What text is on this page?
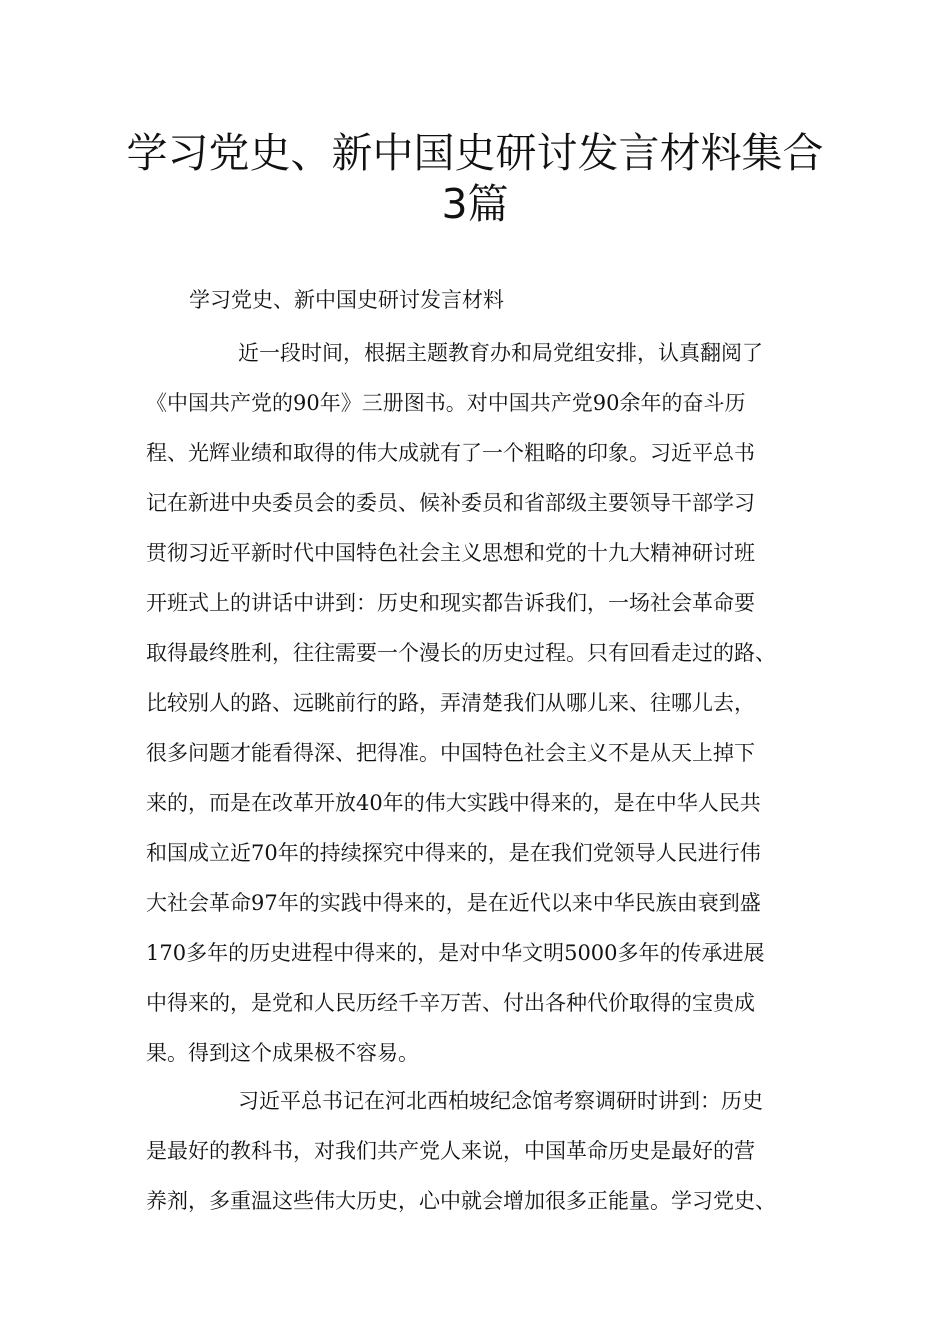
学习党史、新中国史研讨发言材料集合
3篇
学习党史、新中国史研讨发言材料
近一段时间，根据主题教育办和局党组安排，认真翻阅了
《中国共产党的90年》三册图书。对中国共产党90余年的奋斗历
程、光辉业绩和取得的伟大成就有了一个粗略的印象。习近平总书
记在新进中央委员会的委员、候补委员和省部级主要领导干部学习
贯彻习近平新时代中国特色社会主义思想和党的十九大精神研讨班
开班式上的讲话中讲到：历史和现实都告诉我们，一场社会革命要
取得最终胜利，往往需要一个漫长的历史过程。只有回看走过的路、
比较别人的路、远眺前行的路，弄清楚我们从哪儿来、往哪儿去，
很多问题才能看得深、把得准。中国特色社会主义不是从天上掉下
来的，而是在改革开放40年的伟大实践中得来的，是在中华人民共
和国成立近70年的持续探究中得来的，是在我们党领导人民进行伟
大社会革命97年的实践中得来的，是在近代以来中华民族由衰到盛
170多年的历史进程中得来的，是对中华文明5000多年的传承进展
中得来的，是党和人民历经千辛万苦、付出各种代价取得的宝贵成
果。得到这个成果极不容易。
习近平总书记在河北西柏坡纪念馆考察调研时讲到：历史
是最好的教科书，对我们共产党人来说，中国革命历史是最好的营
养剂，多重温这些伟大历史，心中就会增加很多正能量。学习党史、
